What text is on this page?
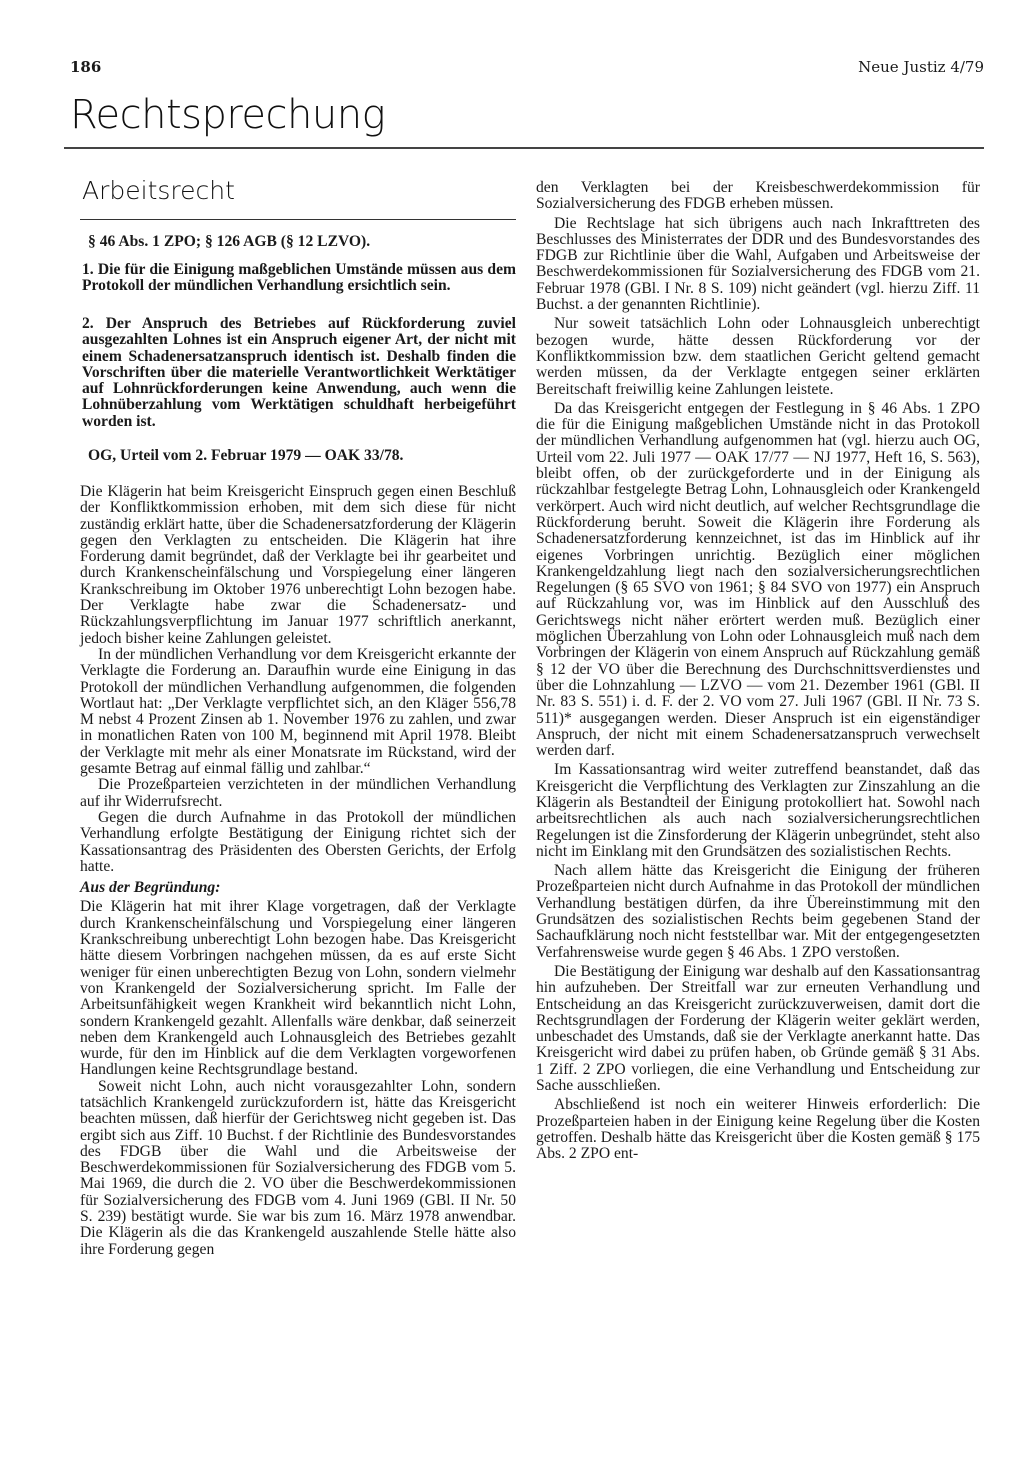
186	Neue Justiz 4/79
Rechtsprechung
Arbeitsrecht
§ 46 Abs. 1 ZPO; § 126 AGB (§ 12 LZVO).

1. Die für die Einigung maßgeblichen Umstände müssen aus dem Protokoll der mündlichen Verhandlung ersichtlich sein.

2. Der Anspruch des Betriebes auf Rückforderung zuviel ausgezahlten Lohnes ist ein Anspruch eigener Art, der nicht mit einem Schadenersatzanspruch identisch ist. Deshalb finden die Vorschriften über die materielle Verantwortlichkeit Werktätiger auf Lohnrückforderungen keine Anwendung, auch wenn die Lohnüberzahlung vom Werktätigen schuldhaft herbeigeführt worden ist.

OG, Urteil vom 2. Februar 1979 — OAK 33/78.

Die Klägerin hat beim Kreisgericht Einspruch gegen einen Beschluß der Konfliktkommission erhoben, mit dem sich diese für nicht zuständig erklärt hatte, über die Schadenersatzforderung der Klägerin gegen den Verklagten zu entscheiden. Die Klägerin hat ihre Forderung damit begründet, daß der Verklagte bei ihr gearbeitet und durch Krankenscheinfälschung und Vorspiegelung einer längeren Krankschreibung im Oktober 1976 unberechtigt Lohn bezogen habe. Der Verklagte habe zwar die Schadenersatz- und Rückzahlungsverpflichtung im Januar 1977 schriftlich anerkannt, jedoch bisher keine Zahlungen geleistet.

In der mündlichen Verhandlung vor dem Kreisgericht erkannte der Verklagte die Forderung an. Daraufhin wurde eine Einigung in das Protokoll der mündlichen Verhandlung aufgenommen, die folgenden Wortlaut hat: „Der Verklagte verpflichtet sich, an den Kläger 556,78 M nebst 4 Prozent Zinsen ab 1. November 1976 zu zahlen, und zwar in monatlichen Raten von 100 M, beginnend mit April 1978. Bleibt der Verklagte mit mehr als einer Monatsrate im Rückstand, wird der gesamte Betrag auf einmal fällig und zahlbar.“

Die Prozeßparteien verzichteten in der mündlichen Verhandlung auf ihr Widerrufsrecht.

Gegen die durch Aufnahme in das Protokoll der mündlichen Verhandlung erfolgte Bestätigung der Einigung richtet sich der Kassationsantrag des Präsidenten des Obersten Gerichts, der Erfolg hatte.

Aus der Begründung:

Die Klägerin hat mit ihrer Klage vorgetragen, daß der Verklagte durch Krankenscheinfälschung und Vorspiegelung einer längeren Krankschreibung unberechtigt Lohn bezogen habe. Das Kreisgericht hätte diesem Vorbringen nachgehen müssen, da es auf erste Sicht weniger für einen unberechtigten Bezug von Lohn, sondern vielmehr von Krankengeld der Sozialversicherung spricht. Im Falle der Arbeitsunfähigkeit wegen Krankheit wird bekanntlich nicht Lohn, sondern Krankengeld gezahlt. Allenfalls wäre denkbar, daß seinerzeit neben dem Krankengeld auch Lohnausgleich des Betriebes gezahlt wurde, für den im Hinblick auf die dem Verklagten vorgeworfenen Handlungen keine Rechtsgrundlage bestand.

Soweit nicht Lohn, auch nicht vorausgezahlter Lohn, sondern tatsächlich Krankengeld zurückzufordern ist, hätte das Kreisgericht beachten müssen, daß hierfür der Gerichtsweg nicht gegeben ist. Das ergibt sich aus Ziff. 10 Buchst. f der Richtlinie des Bundesvorstandes des FDGB über die Wahl und die Arbeitsweise der Beschwerdekommissionen für Sozialversicherung des FDGB vom 5. Mai 1969, die durch die 2. VO über die Beschwerdekommissionen für Sozialversicherung des FDGB vom 4. Juni 1969 (GBl. II Nr. 50 S. 239) bestätigt wurde. Sie war bis zum 16. März 1978 anwendbar. Die Klägerin als die das Krankengeld auszahlende Stelle hätte also ihre Forderung gegen

den Verklagten bei der Kreisbeschwerdekommission für Sozialversicherung des FDGB erheben müssen.

Die Rechtslage hat sich übrigens auch nach Inkrafttreten des Beschlusses des Ministerrates der DDR und des Bundesvorstandes des FDGB zur Richtlinie über die Wahl, Aufgaben und Arbeitsweise der Beschwerdekommissionen für Sozialversicherung des FDGB vom 21. Februar 1978 (GBl. I Nr. 8 S. 109) nicht geändert (vgl. hierzu Ziff. 11 Buchst. a der genannten Richtlinie).

Nur soweit tatsächlich Lohn oder Lohnausgleich unberechtigt bezogen wurde, hätte dessen Rückforderung vor der Konfliktkommission bzw. dem staatlichen Gericht geltend gemacht werden müssen, da der Verklagte entgegen seiner erklärten Bereitschaft freiwillig keine Zahlungen leistete.

Da das Kreisgericht entgegen der Festlegung in § 46 Abs. 1 ZPO die für die Einigung maßgeblichen Umstände nicht in das Protokoll der mündlichen Verhandlung aufgenommen hat (vgl. hierzu auch OG, Urteil vom 22. Juli 1977 — OAK 17/77 — NJ 1977, Heft 16, S. 563), bleibt offen, ob der zurückgeforderte und in der Einigung als rückzahlbar festgelegte Betrag Lohn, Lohnausgleich oder Krankengeld verkörpert. Auch wird nicht deutlich, auf welcher Rechtsgrundlage die Rückforderung beruht. Soweit die Klägerin ihre Forderung als Schadenersatzforderung kennzeichnet, ist das im Hinblick auf ihr eigenes Vorbringen unrichtig. Bezüglich einer möglichen Krankengeldzahlung liegt nach den sozialversicherungsrechtlichen Regelungen (§ 65 SVO von 1961; § 84 SVO von 1977) ein Anspruch auf Rückzahlung vor, was im Hinblick auf den Ausschluß des Gerichtswegs nicht näher erörtert werden muß. Bezüglich einer möglichen Überzahlung von Lohn oder Lohnausgleich muß nach dem Vorbringen der Klägerin von einem Anspruch auf Rückzahlung gemäß § 12 der VO über die Berechnung des Durchschnittsverdienstes und über die Lohnzahlung — LZVO — vom 21. Dezember 1961 (GBl. II Nr. 83 S. 551) i. d. F. der 2. VO vom 27. Juli 1967 (GBl. II Nr. 73 S. 511)* ausgegangen werden. Dieser Anspruch ist ein eigenständiger Anspruch, der nicht mit einem Schadenersatzanspruch verwechselt werden darf.

Im Kassationsantrag wird weiter zutreffend beanstandet, daß das Kreisgericht die Verpflichtung des Verklagten zur Zinszahlung an die Klägerin als Bestandteil der Einigung protokolliert hat. Sowohl nach arbeitsrechtlichen als auch nach sozialversicherungsrechtlichen Regelungen ist die Zinsforderung der Klägerin unbegründet, steht also nicht im Einklang mit den Grundsätzen des sozialistischen Rechts.

Nach allem hätte das Kreisgericht die Einigung der früheren Prozeßparteien nicht durch Aufnahme in das Protokoll der mündlichen Verhandlung bestätigen dürfen, da ihre Übereinstimmung mit den Grundsätzen des sozialistischen Rechts beim gegebenen Stand der Sachaufklärung noch nicht feststellbar war. Mit der entgegengesetzten Verfahrensweise wurde gegen § 46 Abs. 1 ZPO verstoßen.

Die Bestätigung der Einigung war deshalb auf den Kassationsantrag hin aufzuheben. Der Streitfall war zur erneuten Verhandlung und Entscheidung an das Kreisgericht zurückzuverweisen, damit dort die Rechtsgrundlagen der Forderung der Klägerin weiter geklärt werden, unbeschadet des Umstands, daß sie der Verklagte anerkannt hatte. Das Kreisgericht wird dabei zu prüfen haben, ob Gründe gemäß § 31 Abs. 1 Ziff. 2 ZPO vorliegen, die eine Verhandlung und Entscheidung zur Sache ausschließen.

Abschließend ist noch ein weiterer Hinweis erforderlich: Die Prozeßparteien haben in der Einigung keine Regelung über die Kosten getroffen. Deshalb hätte das Kreisgericht über die Kosten gemäß § 175 Abs. 2 ZPO ent-
